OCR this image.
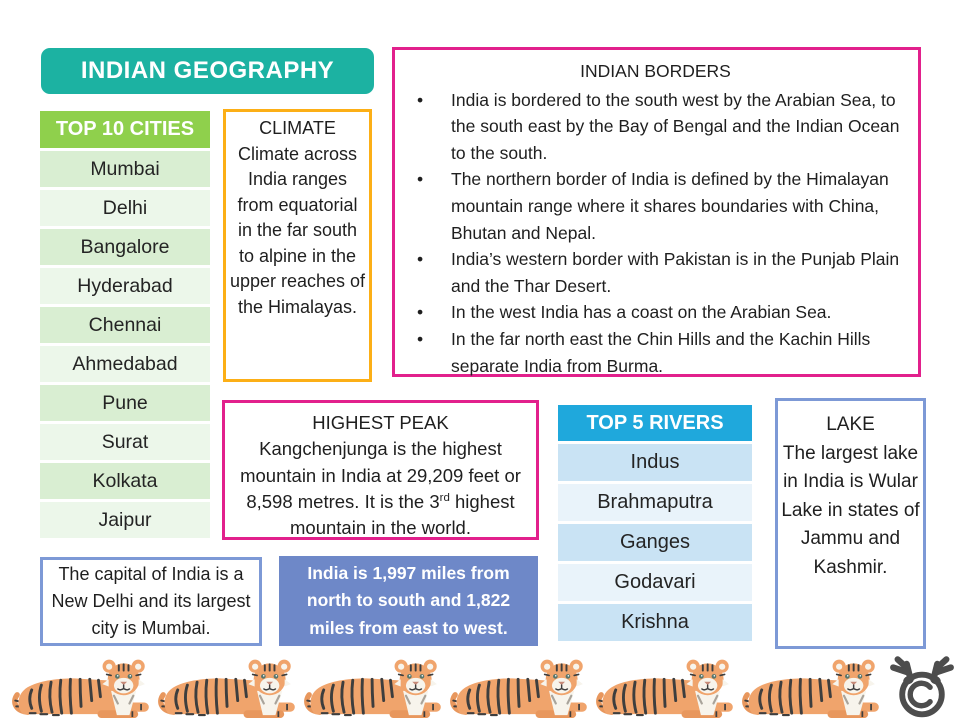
INDIAN GEOGRAPHY
TOP 10 CITIES
Mumbai
Delhi
Bangalore
Hyderabad
Chennai
Ahmedabad
Pune
Surat
Kolkata
Jaipur
CLIMATE
Climate across India ranges from equatorial in the far south to alpine in the upper reaches of the Himalayas.
INDIAN BORDERS
•
India is bordered to the south west by the Arabian Sea, to the south east by the Bay of Bengal and the Indian Ocean to the south.
•
The northern border of India is defined by the Himalayan mountain range where it shares boundaries with China, Bhutan and Nepal.
•
India’s western border with Pakistan is in the Punjab Plain and the Thar Desert.
•
In the west India has a coast on the Arabian Sea.
•
In the far north east the Chin Hills and the Kachin Hills separate India from Burma.
HIGHEST PEAK
Kangchenjunga is the highest mountain in India at 29,209 feet or 8,598 metres. It is the 3rd highest mountain in the world.
TOP 5 RIVERS
Indus
Brahmaputra
Ganges
Godavari
Krishna
LAKE
The largest lake in India is Wular Lake in states of Jammu and Kashmir.
The capital of India is a New Delhi and its largest city is Mumbai.
India is 1,997 miles from north to south and 1,822 miles from east to west.
